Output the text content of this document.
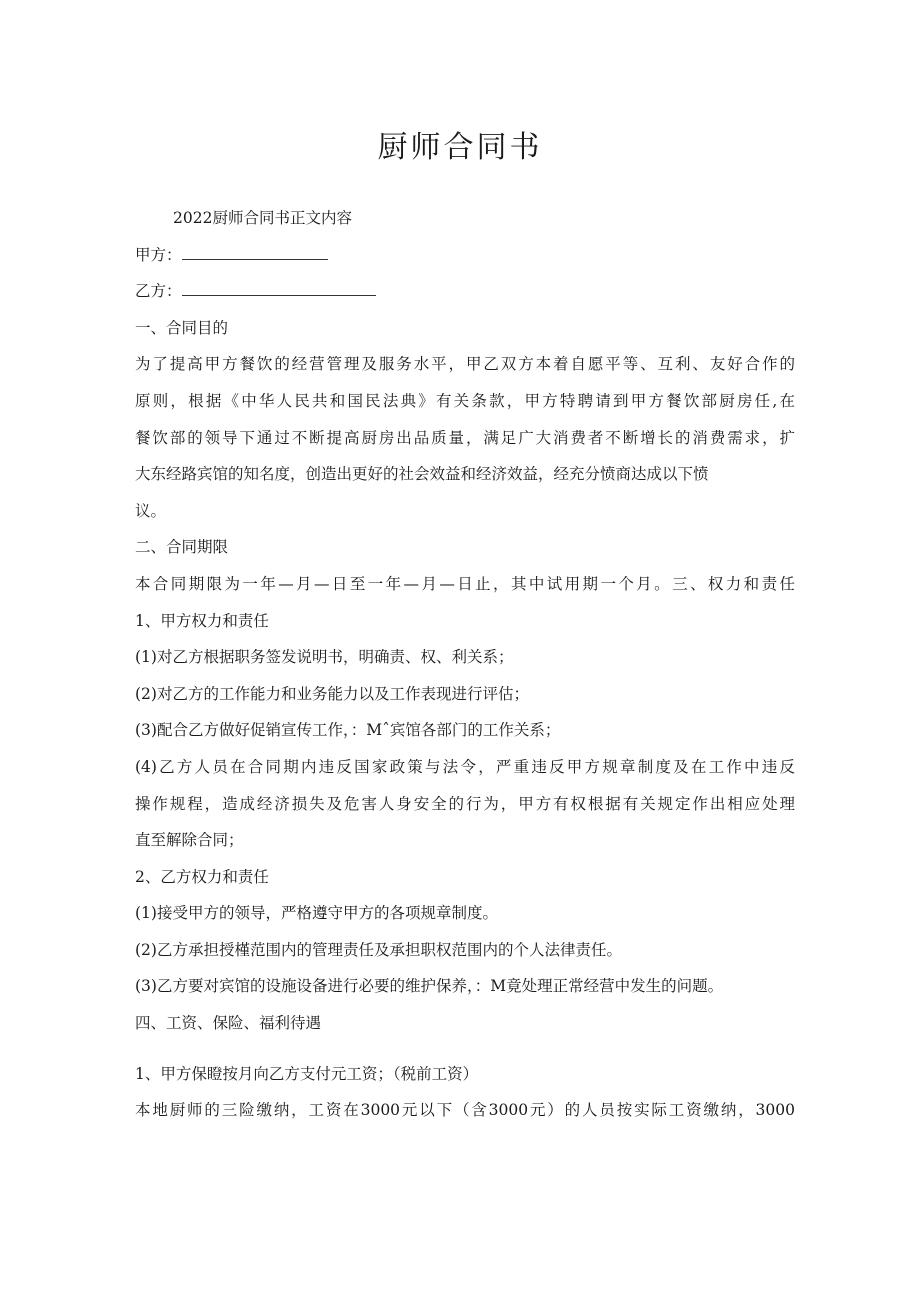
厨师合同书
2022厨师合同书正文内容
甲方：
乙方：
一、合同目的
为了提高甲方餐饮的经营管理及服务水平，甲乙双方本着自愿平等、互利、友好合作的
原则，根据《中华人民共和国民法典》有关条款，甲方特聘请到甲方餐饮部厨房任,在
餐饮部的领导下通过不断提高厨房出品质量，满足广大消费者不断增长的消费需求，扩
大东经路宾馆的知名度，创造出更好的社会效益和经济效益，经充分愤商达成以下愤
议。
二、合同期限
本合同期限为一年—月—日至一年—月—日止，其中试用期一个月。三、权力和责任
1、甲方权力和责任
(1)对乙方根据职务签发说明书，明确责、权、利关系；
(2)对乙方的工作能力和业务能力以及工作表现进行评估；
(3)配合乙方做好促销宣传工作，：Mˆ宾馆各部门的工作关系；
(4)乙方人员在合同期内违反国家政策与法令，严重违反甲方规章制度及在工作中违反
操作规程，造成经济损失及危害人身安全的行为，甲方有权根据有关规定作出相应处理
直至解除合同；
2、乙方权力和责任
(1)接受甲方的领导，严格遵守甲方的各项规章制度。
(2)乙方承担授槿范围内的管理责任及承担职权范围内的个人法律责任。
(3)乙方要对宾馆的设施设备进行必要的维护保养，：M竟处理正常经营中发生的问题。
四、工资、保险、福利待遇
1、甲方保瞪按月向乙方支付元工资；（税前工资）
本地厨师的三险缴纳，工资在3000元以下（含3000元）的人员按实际工资缴纳，3000
